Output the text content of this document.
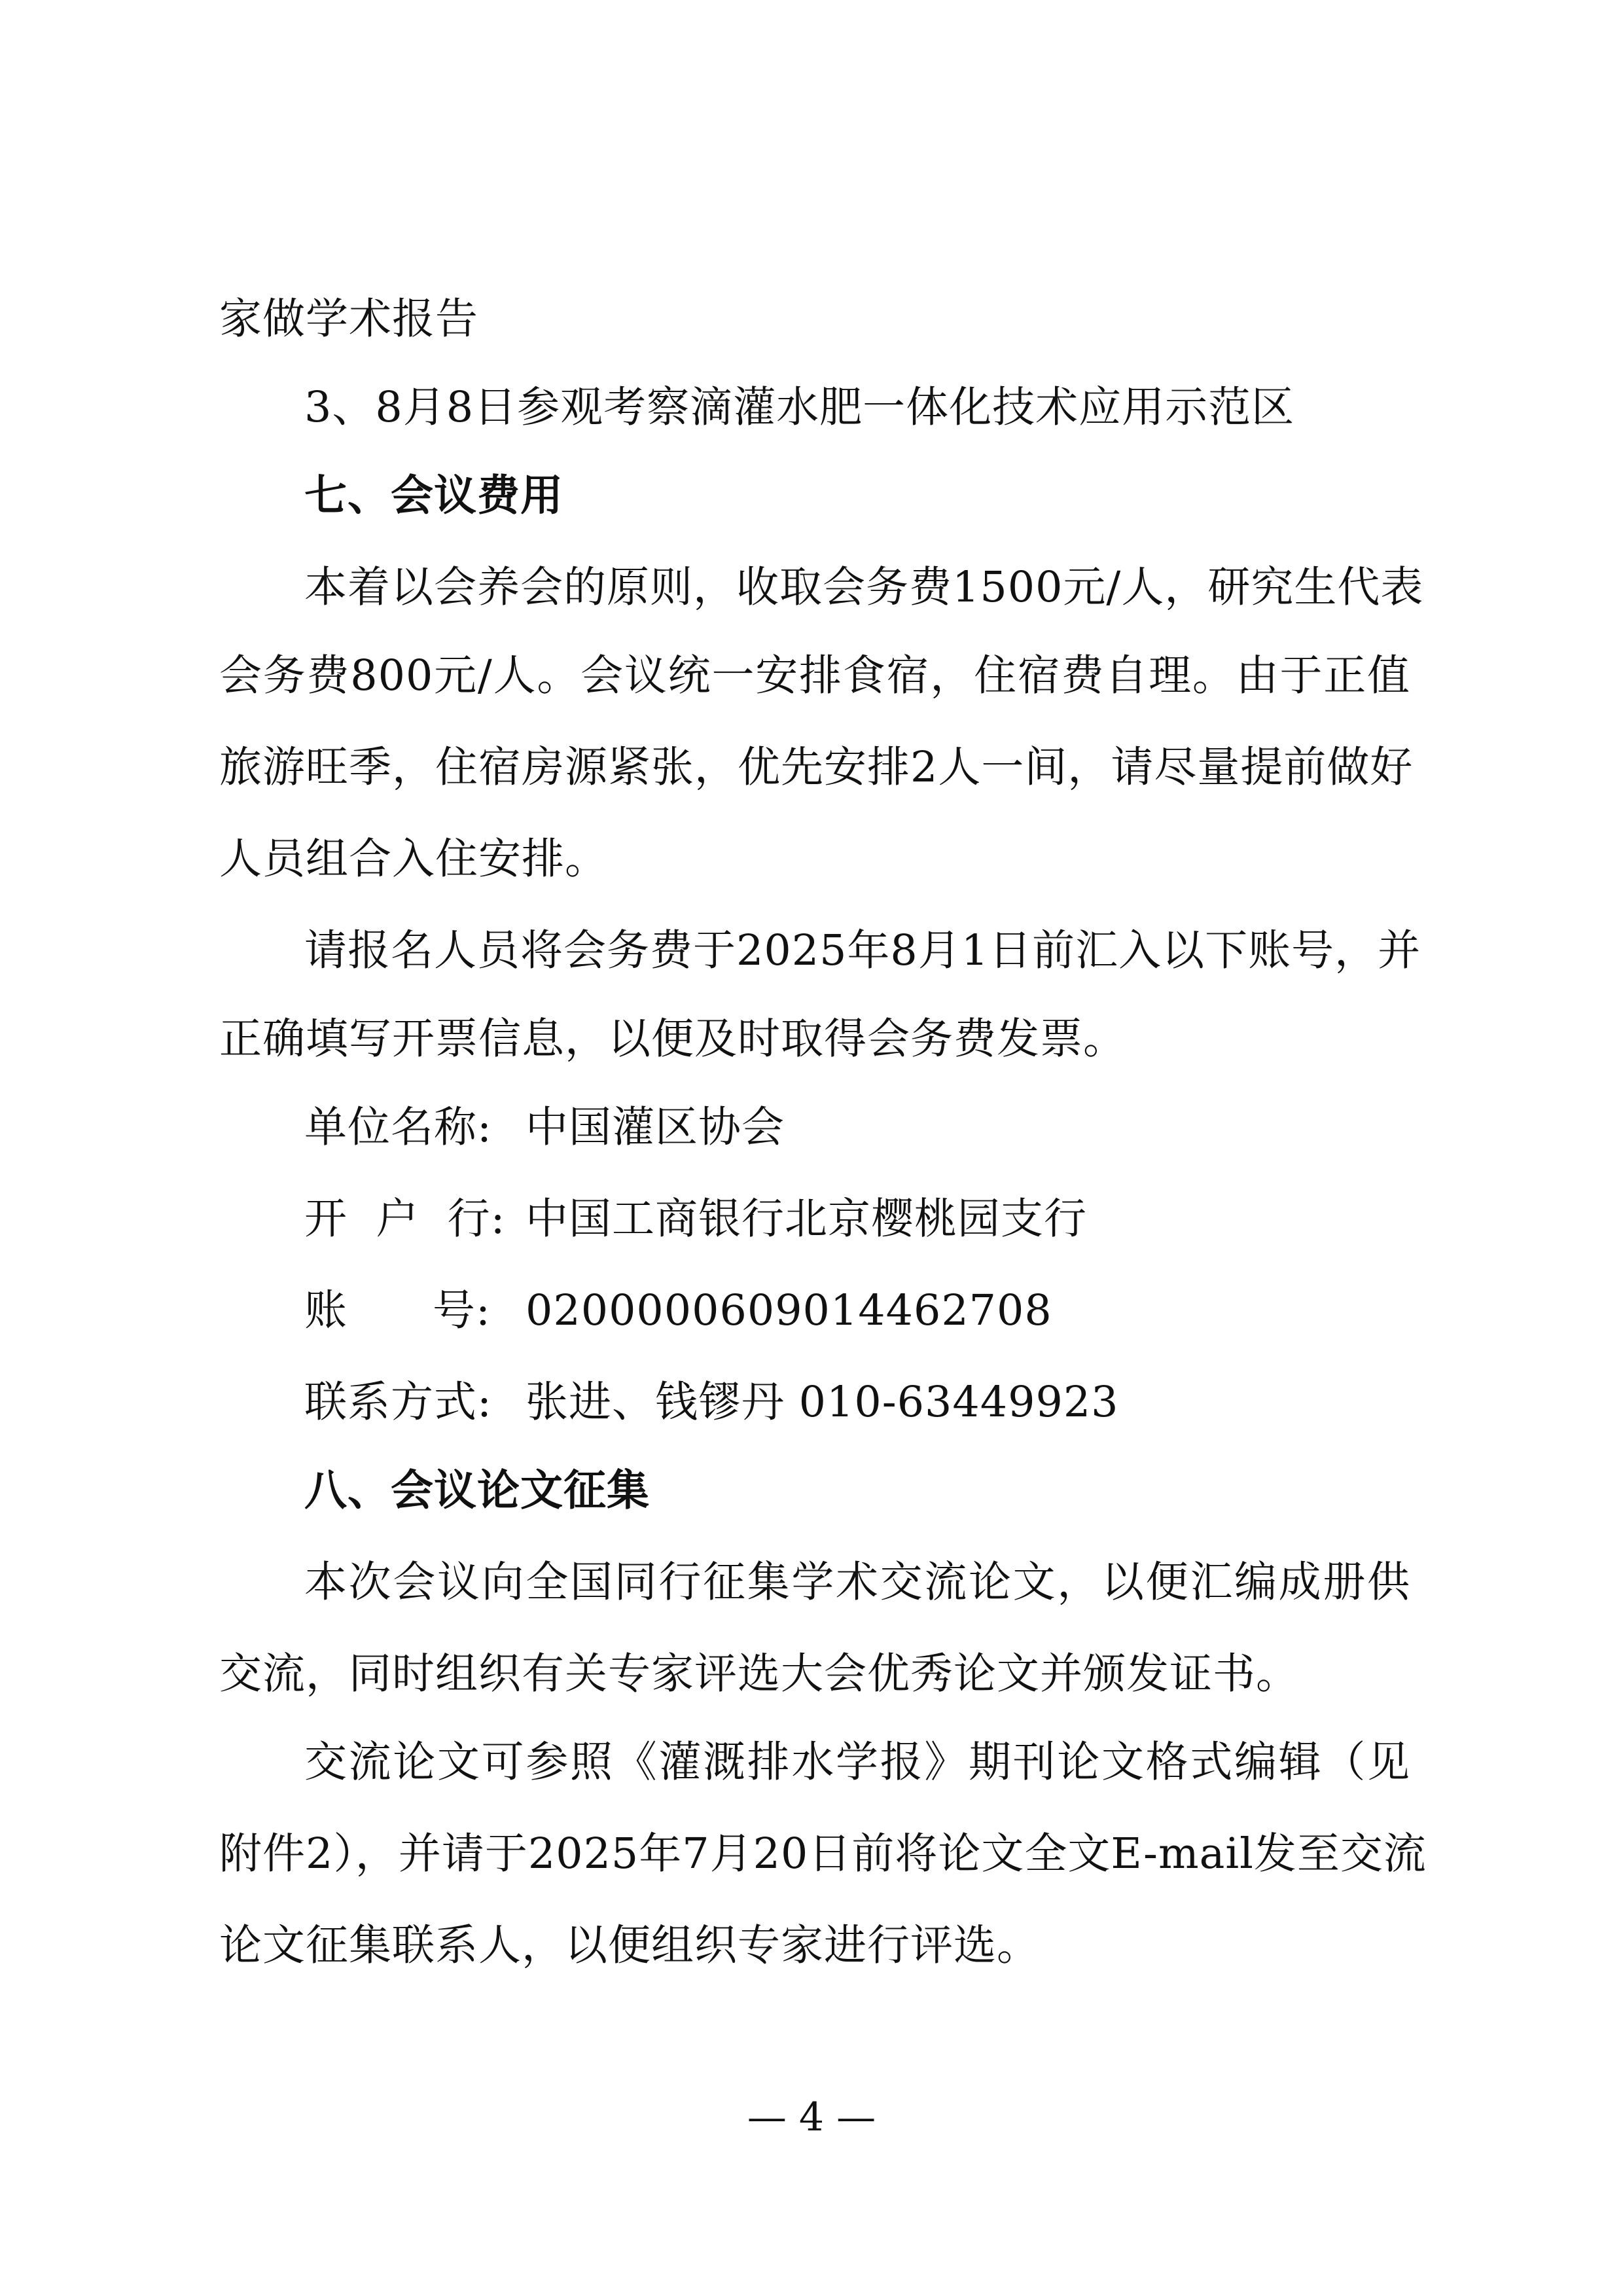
家做学术报告
3、8月8日参观考察滴灌水肥一体化技术应用示范区
七、会议费用
本着以会养会的原则，收取会务费1500元/人，研究生代表
会务费800元/人。会议统一安排食宿，住宿费自理。由于正值
旅游旺季，住宿房源紧张，优先安排2人一间，请尽量提前做好
人员组合入住安排。
请报名人员将会务费于2025年8月1日前汇入以下账号，并
正确填写开票信息，以便及时取得会务费发票。
单位名称: 中国灌区协会
开  户  行: 中国工商银行北京樱桃园支行
账      号: 0200000609014462708
联系方式: 张进、钱镠丹 010-63449923
八、会议论文征集
本次会议向全国同行征集学术交流论文，以便汇编成册供
交流，同时组织有关专家评选大会优秀论文并颁发证书。
交流论文可参照《灌溉排水学报》期刊论文格式编辑（见
附件2），并请于2025年7月20日前将论文全文E-mail发至交流
论文征集联系人，以便组织专家进行评选。
— 4 —
